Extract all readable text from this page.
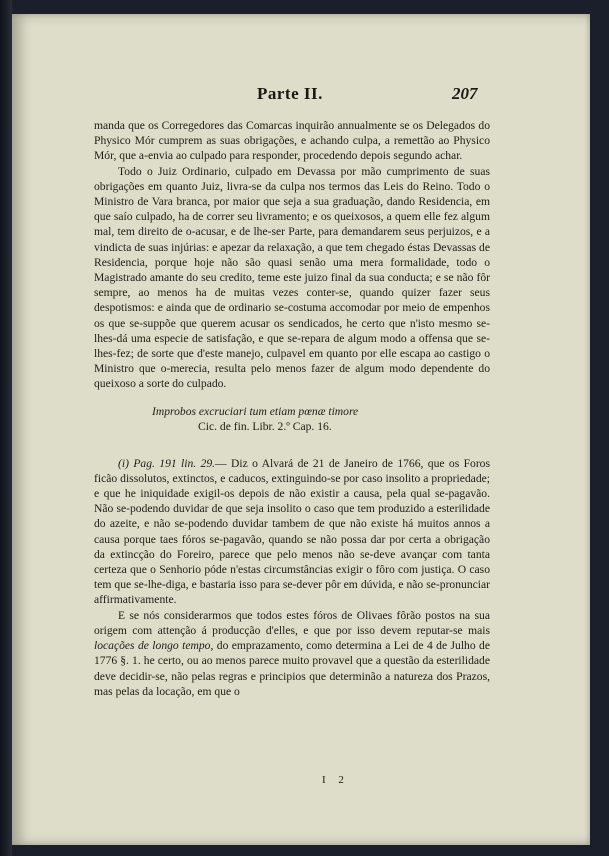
Parte II.	207

manda que os Corregedores das Comarcas inquirão annualmente se os Delegados do Physico Mór cumprem as suas obrigações, e achando culpa, a remettão ao Physico Mór, que a-envia ao culpado para responder, procedendo depois segundo achar.

Todo o Juiz Ordinario, culpado em Devassa por mão cumprimento de suas obrigações em quanto Juiz, livra-se da culpa nos termos das Leis do Reino. Todo o Ministro de Vara branca, por maior que seja a sua graduação, dando Residencia, em que saío culpado, ha de correr seu livramento; e os queixosos, a quem elle fez algum mal, tem direito de o-acusar, e de lhe-ser Parte, para demandarem seus perjuizos, e a vindicta de suas injúrias: e apezar da relaxação, a que tem chegado éstas Devassas de Residencia, porque hoje não são quasi senão uma mera formalidade, todo o Magistrado amante do seu credito, teme este juizo final da sua conducta; e se não fôr sempre, ao menos ha de muitas vezes conter-se, quando quizer fazer seus despotismos: e ainda que de ordinario se-costuma accomodar por meio de empenhos os que se-suppõe que querem acusar os sendicados, he certo que n'isto mesmo se-lhes-dá uma especie de satisfação, e que se-repara de algum modo a offensa que se-lhes-fez; de sorte que d'este manejo, culpavel em quanto por elle escapa ao castigo o Ministro que o-merecia, resulta pelo menos fazer de algum modo dependente do queixoso a sorte do culpado.

Improbos excruciari tum etiam pœnæ timore
Cic. de fin. Libr. 2.º Cap. 16.

(i) Pag. 191 lin. 29.— Diz o Alvará de 21 de Janeiro de 1766, que os Foros ficão dissolutos, extinctos, e caducos, extinguindo-se por caso insolito a propriedade; e que he iniquidade exigil-os depois de não existir a causa, pela qual se-pagavão. Não se-podendo duvidar de que seja insolito o caso que tem produzido a esterilidade do azeite, e não se-podendo duvidar tambem de que não existe há muitos annos a causa porque taes fóros se-pagavão, quando se não possa dar por certa a obrigação da extincção do Foreiro, parece que pelo menos não se-deve avançar com tanta certeza que o Senhorio póde n'estas circumstâncias exigir o fôro com justiça. O caso tem que se-lhe-diga, e bastaria isso para se-dever pôr em dúvida, e não se-pronunciar affirmativamente.

E se nós considerarmos que todos estes fóros de Olivaes fôrão postos na sua origem com attenção á producção d'elles, e que por isso devem reputar-se mais locações de longo tempo, do emprazamento, como determina a Lei de 4 de Julho de 1776 §. 1. he certo, ou ao menos parece muito provavel que a questão da esterilidade deve decidir-se, não pelas regras e principios que determinão a natureza dos Prazos, mas pelas da locação, em que o

I 2
